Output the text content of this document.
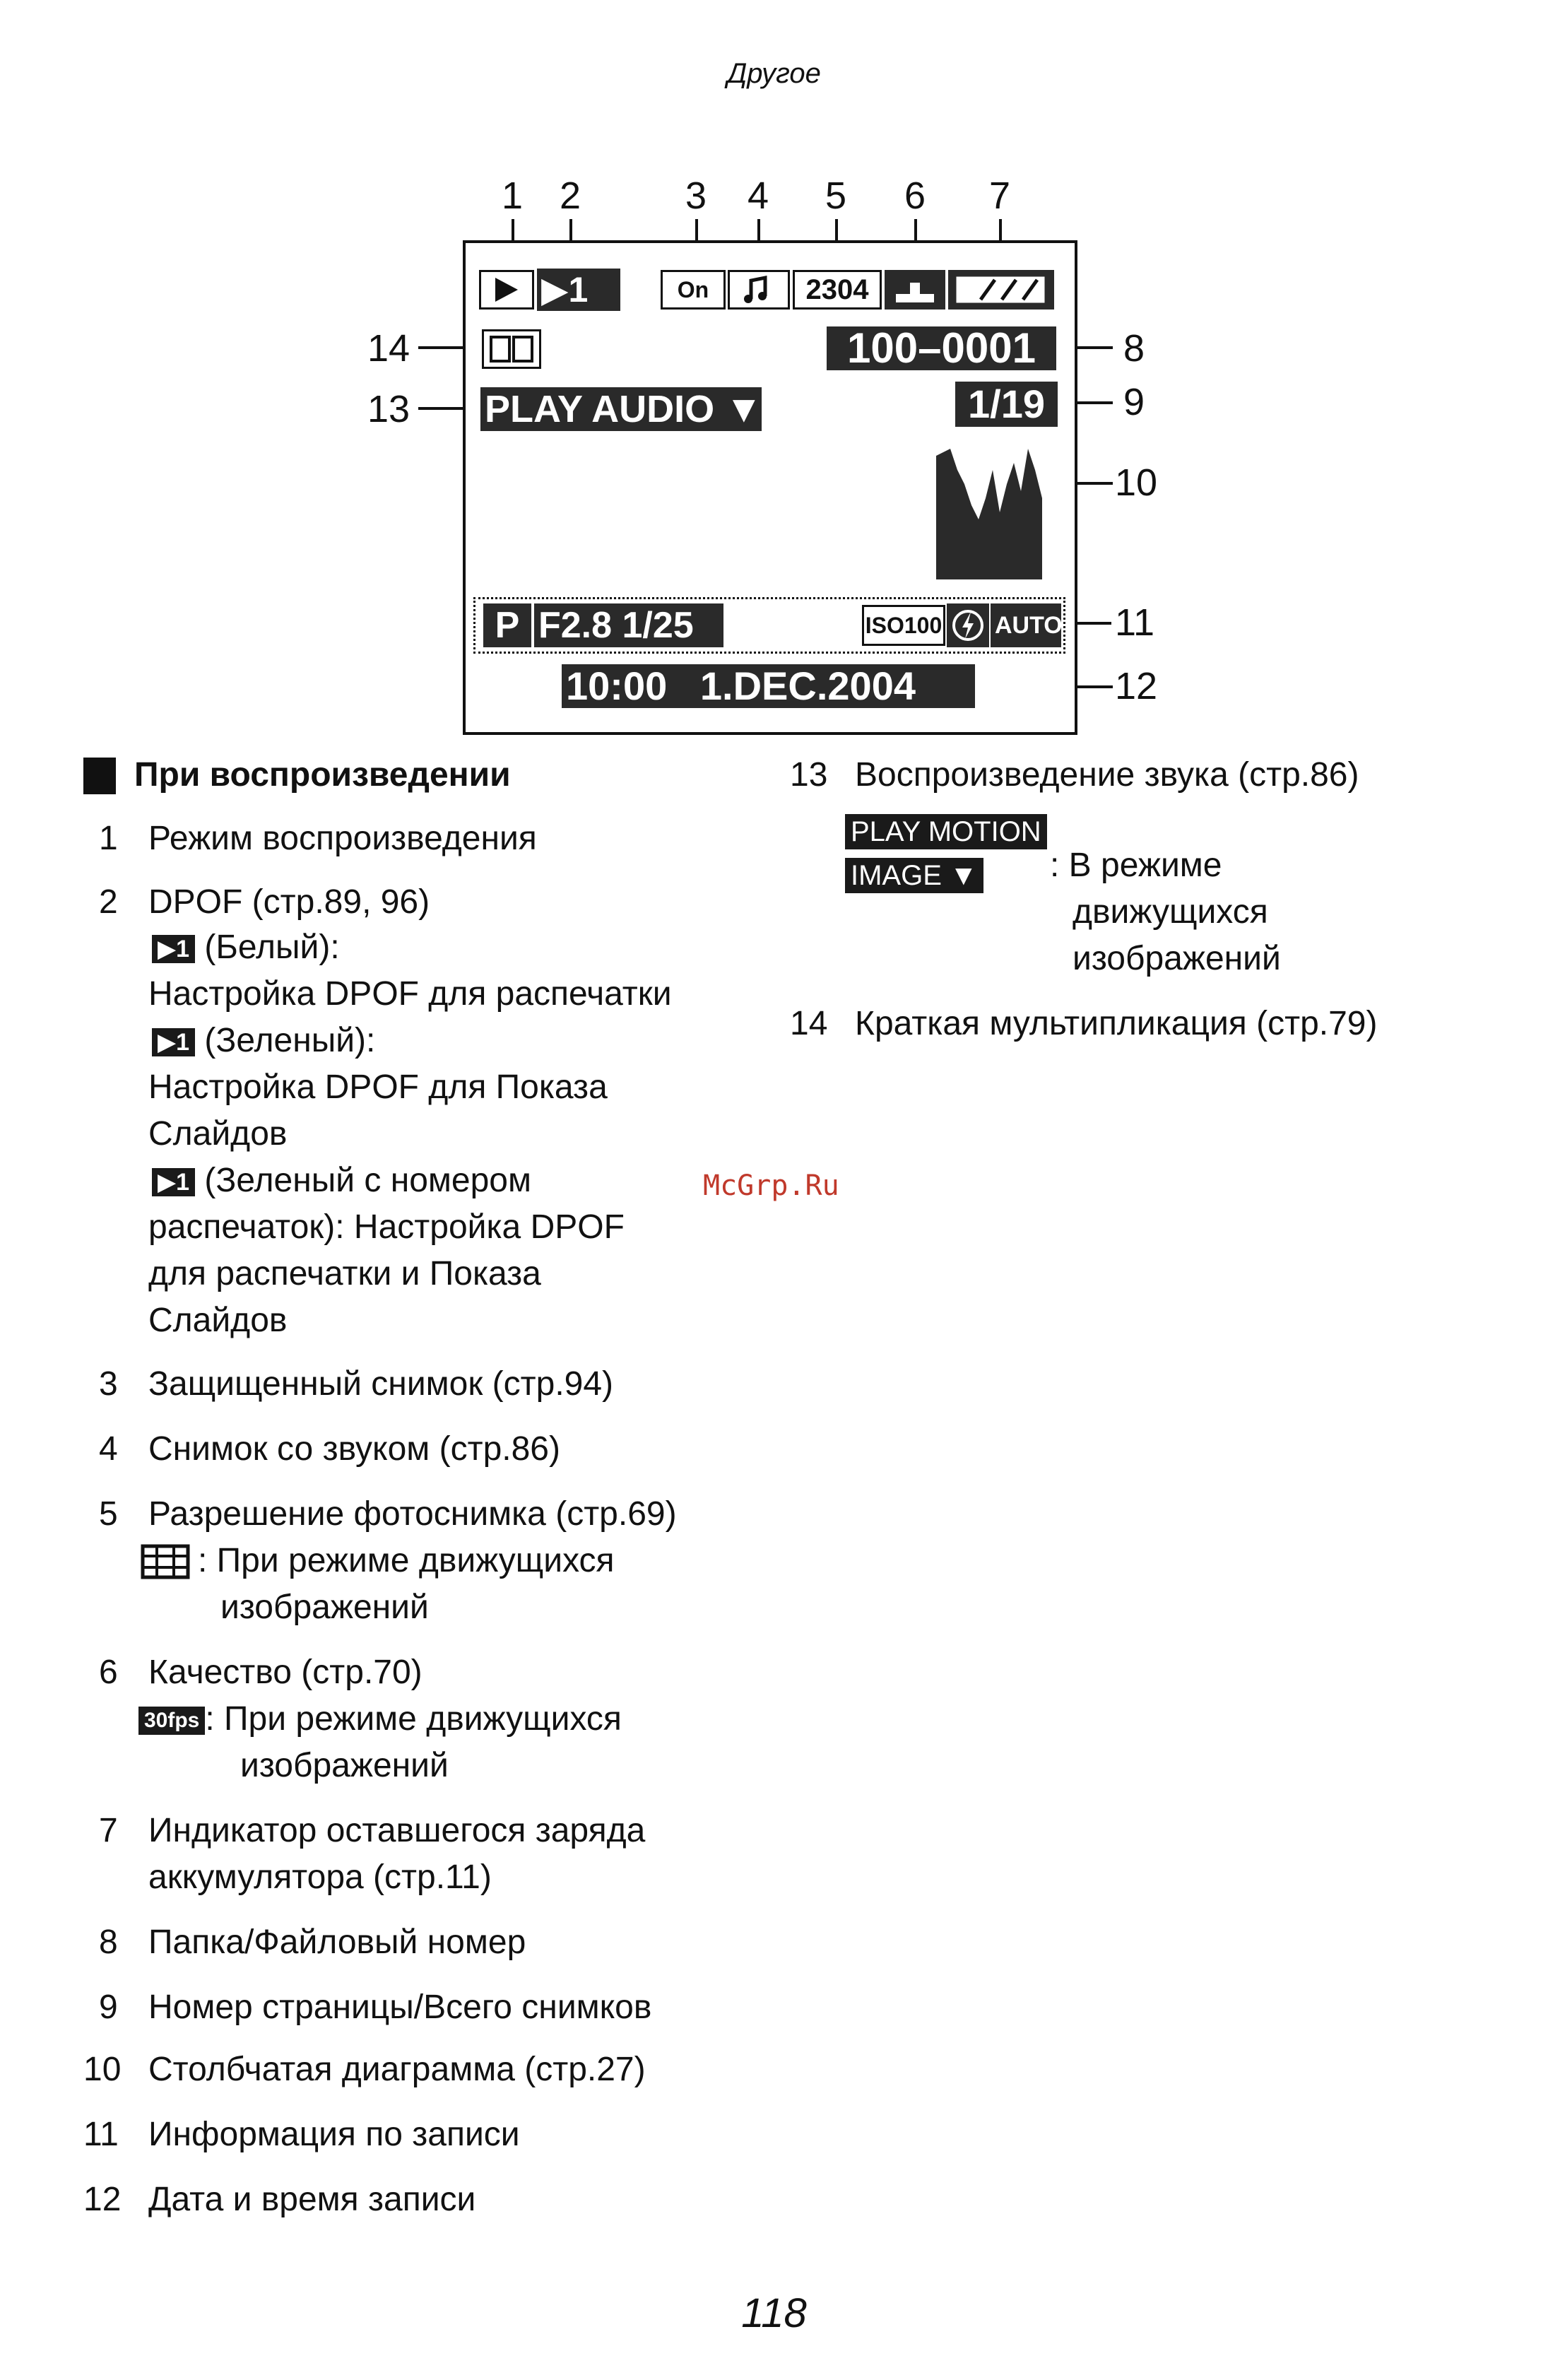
Другое
1 2	3 4 5 6 7
14
13
8
9
10
11
12
▶1	On	2304
100–0001
PLAY AUDIO ▼	1/19
P F2.8 1/25	ISO100 AUTO
10:00   1.DEC.2004
При воспроизведении
1 Режим воспроизведения
2 DPOF (стр.89, 96)
▶1 (Белый):
Настройка DPOF для распечатки
▶1 (Зеленый):
Настройка DPOF для Показа
Слайдов
▶1 (Зеленый с номером
распечаток): Настройка DPOF
для распечатки и Показа
Слайдов
3 Защищенный снимок (стр.94)
4 Снимок со звуком (стр.86)
5 Разрешение фотоснимка (стр.69)
: При режиме движущихся
изображений
6 Качество (стр.70)
30fps : При режиме движущихся
изображений
7 Индикатор оставшегося заряда
аккумулятора (стр.11)
8 Папка/Файловый номер
9 Номер страницы/Всего снимков
10 Столбчатая диаграмма (стр.27)
11 Информация по записи
12 Дата и время записи
13 Воспроизведение звука (стр.86)
PLAY MOTION
IMAGE ▼ : В режиме
движущихся
изображений
14 Краткая мультипликация (стр.79)
McGrp.Ru
118
